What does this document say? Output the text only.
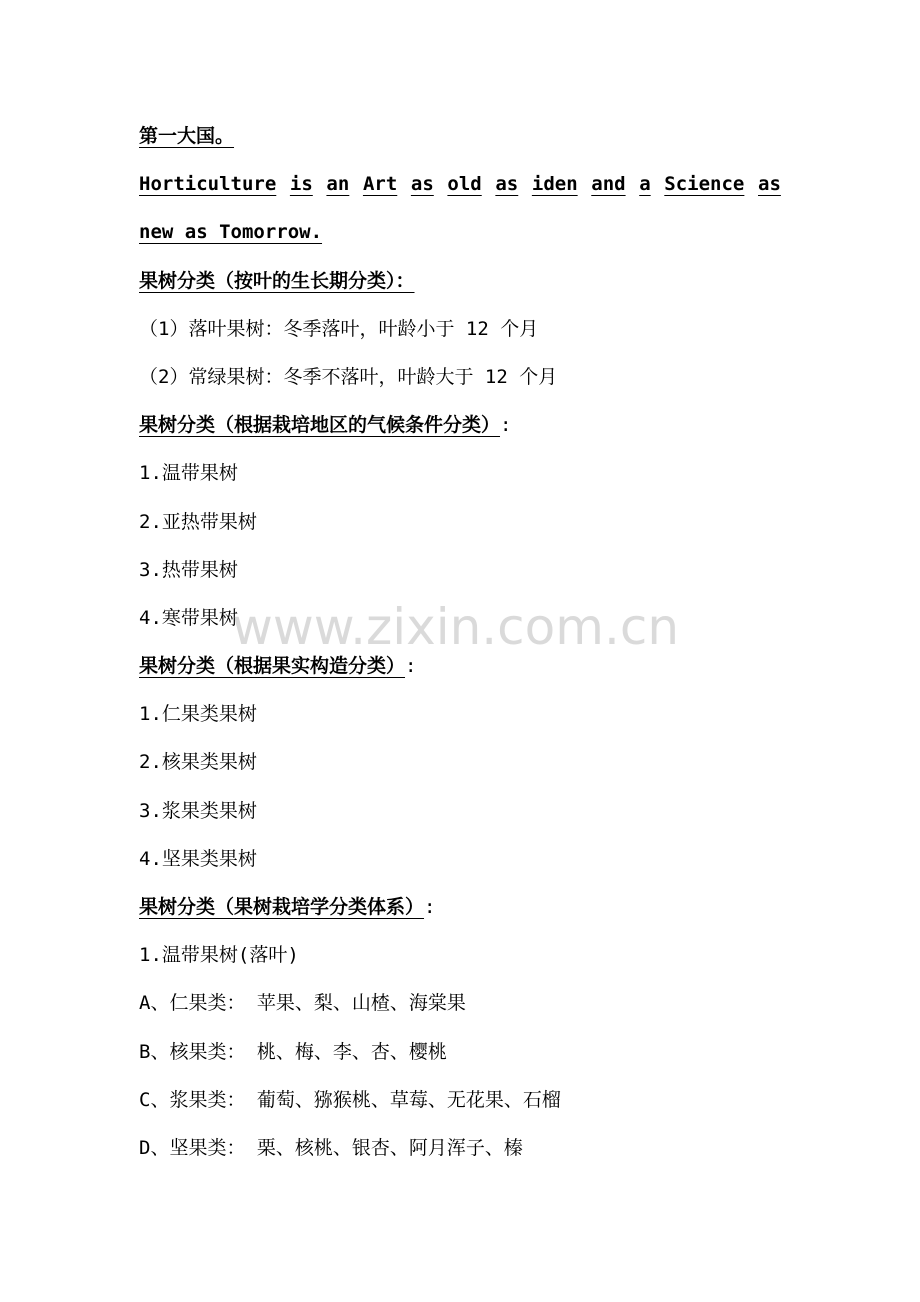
第一大国。
Horticulture is an Art as old as iden and a Science as
new as Tomorrow.
果树分类（按叶的生长期分类）：
（1）落叶果树：冬季落叶，叶龄小于 12 个月
（2）常绿果树：冬季不落叶，叶龄大于 12 个月
果树分类（根据栽培地区的气候条件分类）:
1.温带果树
2.亚热带果树
3.热带果树
4.寒带果树
果树分类（根据果实构造分类）:
1.仁果类果树
2.核果类果树
3.浆果类果树
4.坚果类果树
果树分类（果树栽培学分类体系）:
1.温带果树(落叶)
A、仁果类： 苹果、梨、山楂、海棠果
B、核果类： 桃、梅、李、杏、樱桃
C、浆果类： 葡萄、猕猴桃、草莓、无花果、石榴
D、坚果类： 栗、核桃、银杏、阿月浑子、榛
www.zixin.com.cn
